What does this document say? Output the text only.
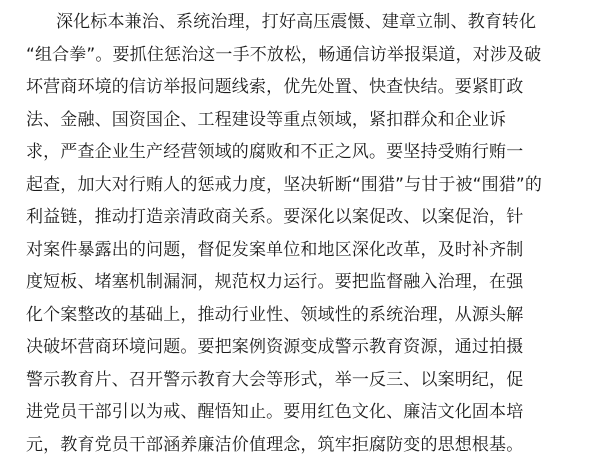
深化标本兼治、系统治理，打好高压震慑、建章立制、教育转化
“组合拳”。要抓住惩治这一手不放松，畅通信访举报渠道，对涉及破
坏营商环境的信访举报问题线索，优先处置、快查快结。要紧盯政
法、金融、国资国企、工程建设等重点领域，紧扣群众和企业诉
求，严查企业生产经营领域的腐败和不正之风。要坚持受贿行贿一
起查，加大对行贿人的惩戒力度，坚决斩断“围猎”与甘于被“围猎”的
利益链，推动打造亲清政商关系。要深化以案促改、以案促治，针
对案件暴露出的问题，督促发案单位和地区深化改革，及时补齐制
度短板、堵塞机制漏洞，规范权力运行。要把监督融入治理，在强
化个案整改的基础上，推动行业性、领域性的系统治理，从源头解
决破坏营商环境问题。要把案例资源变成警示教育资源，通过拍摄
警示教育片、召开警示教育大会等形式，举一反三、以案明纪，促
进党员干部引以为戒、醒悟知止。要用红色文化、廉洁文化固本培
元，教育党员干部涵养廉洁价值理念，筑牢拒腐防变的思想根基。
